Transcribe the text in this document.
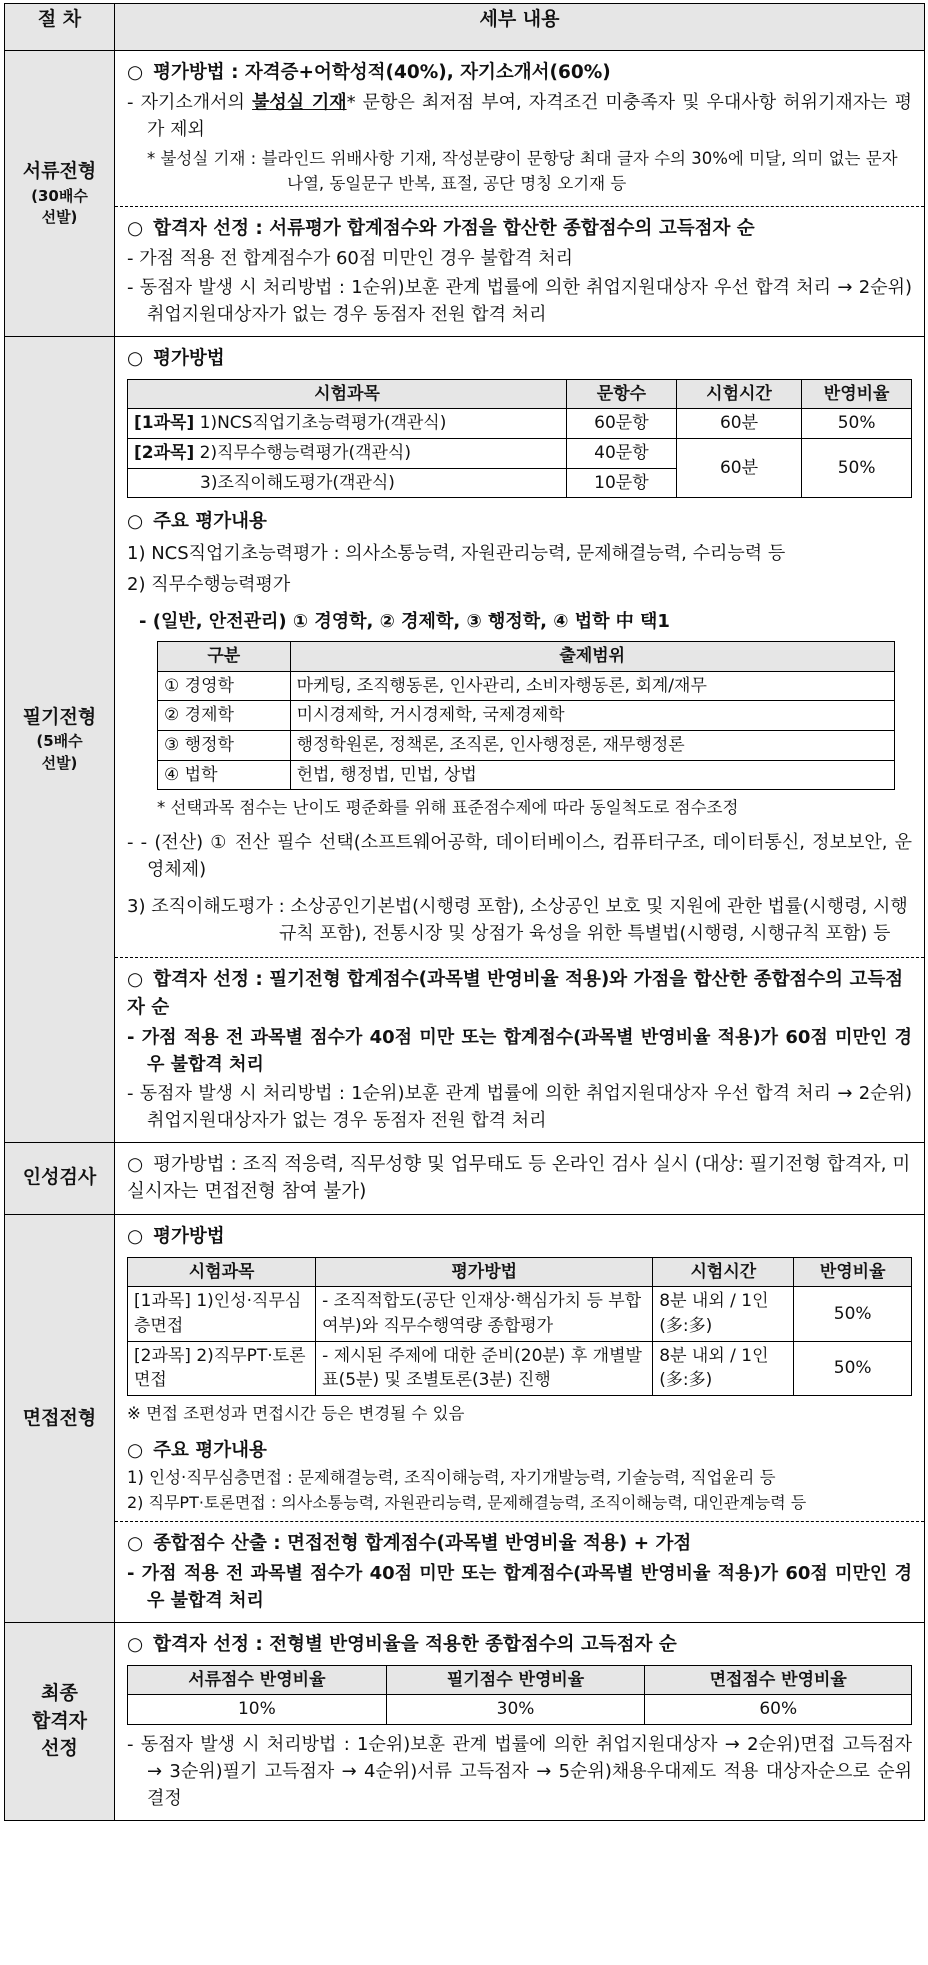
절 차	세부 내용

서류전형
(30배수 선발)

○ 평가방법 : 자격증+어학성적(40%), 자기소개서(60%)
- 자기소개서의 불성실 기재* 문항은 최저점 부여, 자격조건 미충족자 및 우대사항 허위기재자는 평가 제외
* 불성실 기재 : 블라인드 위배사항 기재, 작성분량이 문항당 최대 글자 수의 30%에 미달, 의미 없는 문자 나열, 동일문구 반복, 표절, 공단 명칭 오기재 등
○ 합격자 선정 : 서류평가 합계점수와 가점을 합산한 종합점수의 고득점자 순
- 가점 적용 전 합계점수가 60점 미만인 경우 불합격 처리
- 동점자 발생 시 처리방법 : 1순위)보훈 관계 법률에 의한 취업지원대상자 우선 합격 처리 → 2순위)취업지원대상자가 없는 경우 동점자 전원 합격 처리

필기전형
(5배수 선발)

○ 평가방법
시험과목	문항수	시험시간	반영비율
[1과목] 1)NCS직업기초능력평가(객관식)	60문항	60분	50%
[2과목] 2)직무수행능력평가(객관식)	40문항	60분	50%
3)조직이해도평가(객관식)	10문항
○ 주요 평가내용
1) NCS직업기초능력평가 : 의사소통능력, 자원관리능력, 문제해결능력, 수리능력 등
2) 직무수행능력평가
- (일반, 안전관리) ① 경영학, ② 경제학, ③ 행정학, ④ 법학 中 택1
구분	출제범위
① 경영학	마케팅, 조직행동론, 인사관리, 소비자행동론, 회계/재무
② 경제학	미시경제학, 거시경제학, 국제경제학
③ 행정학	행정학원론, 정책론, 조직론, 인사행정론, 재무행정론
④ 법학	헌법, 행정법, 민법, 상법
* 선택과목 점수는 난이도 평준화를 위해 표준점수제에 따라 동일척도로 점수조정
- - (전산) ① 전산 필수 선택(소프트웨어공학, 데이터베이스, 컴퓨터구조, 데이터통신, 정보보안, 운영체제)
3) 조직이해도평가 : 소상공인기본법(시행령 포함), 소상공인 보호 및 지원에 관한 법률(시행령, 시행규칙 포함), 전통시장 및 상점가 육성을 위한 특별법(시행령, 시행규칙 포함) 등
○ 합격자 선정 : 필기전형 합계점수(과목별 반영비율 적용)와 가점을 합산한 종합점수의 고득점자 순
- 가점 적용 전 과목별 점수가 40점 미만 또는 합계점수(과목별 반영비율 적용)가 60점 미만인 경우 불합격 처리
- 동점자 발생 시 처리방법 : 1순위)보훈 관계 법률에 의한 취업지원대상자 우선 합격 처리 → 2순위)취업지원대상자가 없는 경우 동점자 전원 합격 처리

인성검사

○ 평가방법 : 조직 적응력, 직무성향 및 업무태도 등 온라인 검사 실시 (대상: 필기전형 합격자, 미실시자는 면접전형 참여 불가)

면접전형

○ 평가방법
시험과목	평가방법	시험시간	반영비율
[1과목] 1)인성·직무심층면접	- 조직적합도(공단 인재상·핵심가치 등 부합여부)와 직무수행역량 종합평가	8분 내외 / 1인 (多:多)	50%
[2과목] 2)직무PT·토론면접	- 제시된 주제에 대한 준비(20분) 후 개별발표(5분) 및 조별토론(3분) 진행	8분 내외 / 1인 (多:多)	50%
※ 면접 조편성과 면접시간 등은 변경될 수 있음
○ 주요 평가내용
1) 인성·직무심층면접 : 문제해결능력, 조직이해능력, 자기개발능력, 기술능력, 직업윤리 등
2) 직무PT·토론면접 : 의사소통능력, 자원관리능력, 문제해결능력, 조직이해능력, 대인관계능력 등
○ 종합점수 산출 : 면접전형 합계점수(과목별 반영비율 적용) + 가점
- 가점 적용 전 과목별 점수가 40점 미만 또는 합계점수(과목별 반영비율 적용)가 60점 미만인 경우 불합격 처리

최종 합격자 선정

○ 합격자 선정 : 전형별 반영비율을 적용한 종합점수의 고득점자 순
서류점수 반영비율	필기점수 반영비율	면접점수 반영비율
10%	30%	60%
- 동점자 발생 시 처리방법 : 1순위)보훈 관계 법률에 의한 취업지원대상자 → 2순위)면접 고득점자 → 3순위)필기 고득점자 → 4순위)서류 고득점자 → 5순위)채용우대제도 적용 대상자순으로 순위 결정
